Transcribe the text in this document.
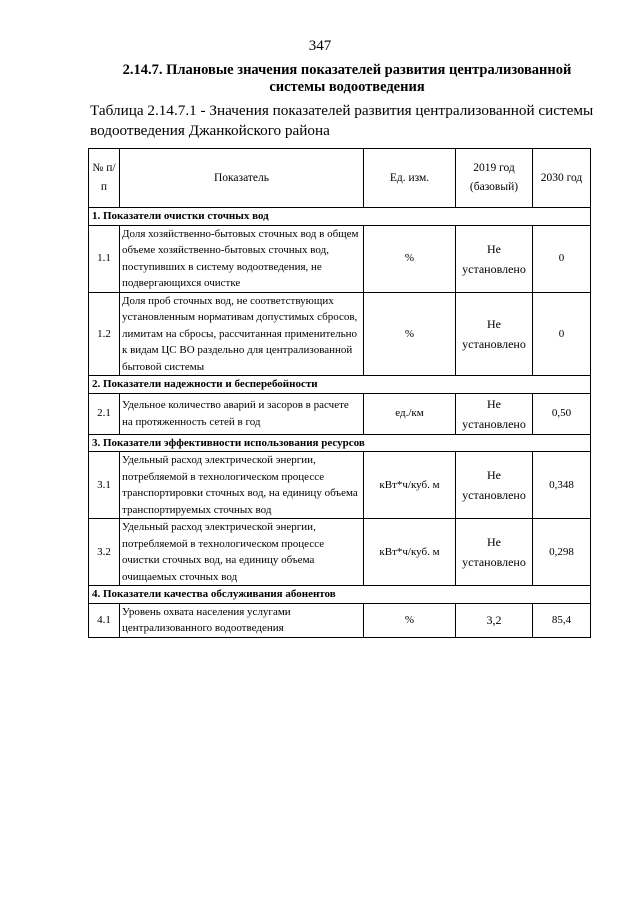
347
2.14.7. Плановые значения показателей развития централизованной
системы водоотведения
Таблица 2.14.7.1 - Значения показателей развития централизованной системы
водоотведения Джанкойского района
№ п/п	Показатель	Ед. изм.	2019 год (базовый)	2030 год
1. Показатели очистки сточных вод				
1.1	Доля хозяйственно-бытовых сточных вод в общем объеме хозяйственно-бытовых сточных вод, поступивших в систему водоотведения, не подвергающихся очистке	%	Не установлено	0
1.2	Доля проб сточных вод, не соответствующих установленным нормативам допустимых сбросов, лимитам на сбросы, рассчитанная применительно к видам ЦС ВО раздельно для централизованной бытовой системы	%	Не установлено	0
2. Показатели надежности и бесперебойности				
2.1	Удельное количество аварий и засоров в расчете на протяженность сетей в год	ед./км	Не установлено	0,50
3. Показатели эффективности использования ресурсов				
3.1	Удельный расход электрической энергии, потребляемой в технологическом процессе транспортировки сточных вод, на единицу объема транспортируемых сточных вод	кВт*ч/куб. м	Не установлено	0,348
3.2	Удельный расход электрической энергии, потребляемой в технологическом процессе очистки сточных вод, на единицу объема очищаемых сточных вод	кВт*ч/куб. м	Не установлено	0,298
4. Показатели качества обслуживания абонентов				
4.1	Уровень охвата населения услугами централизованного водоотведения	%	3,2	85,4
